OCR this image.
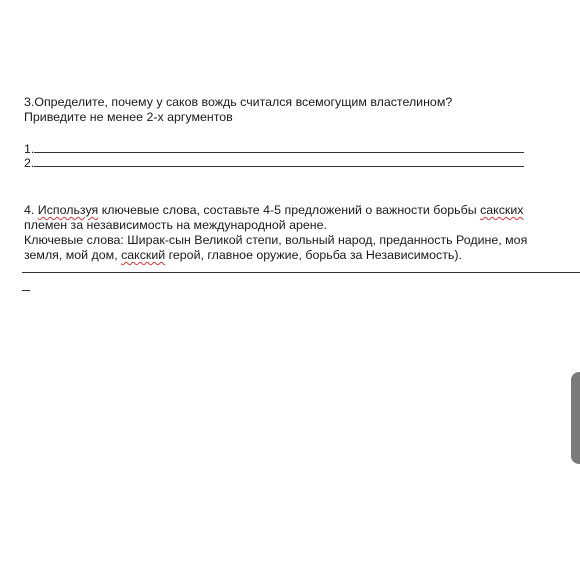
3.Определите, почему у саков вождь считался всемогущим властелином?
Приведите не менее 2-х аргументов
1.
2.
4. Используя ключевые слова, составьте 4-5 предложений о важности борьбы сакских
племен за независимость на международной арене.
Ключевые слова: Ширак-сын Великой степи, вольный народ, преданность Родине, моя
земля, мой дом, сакский герой, главное оружие, борьба за Независимость).
